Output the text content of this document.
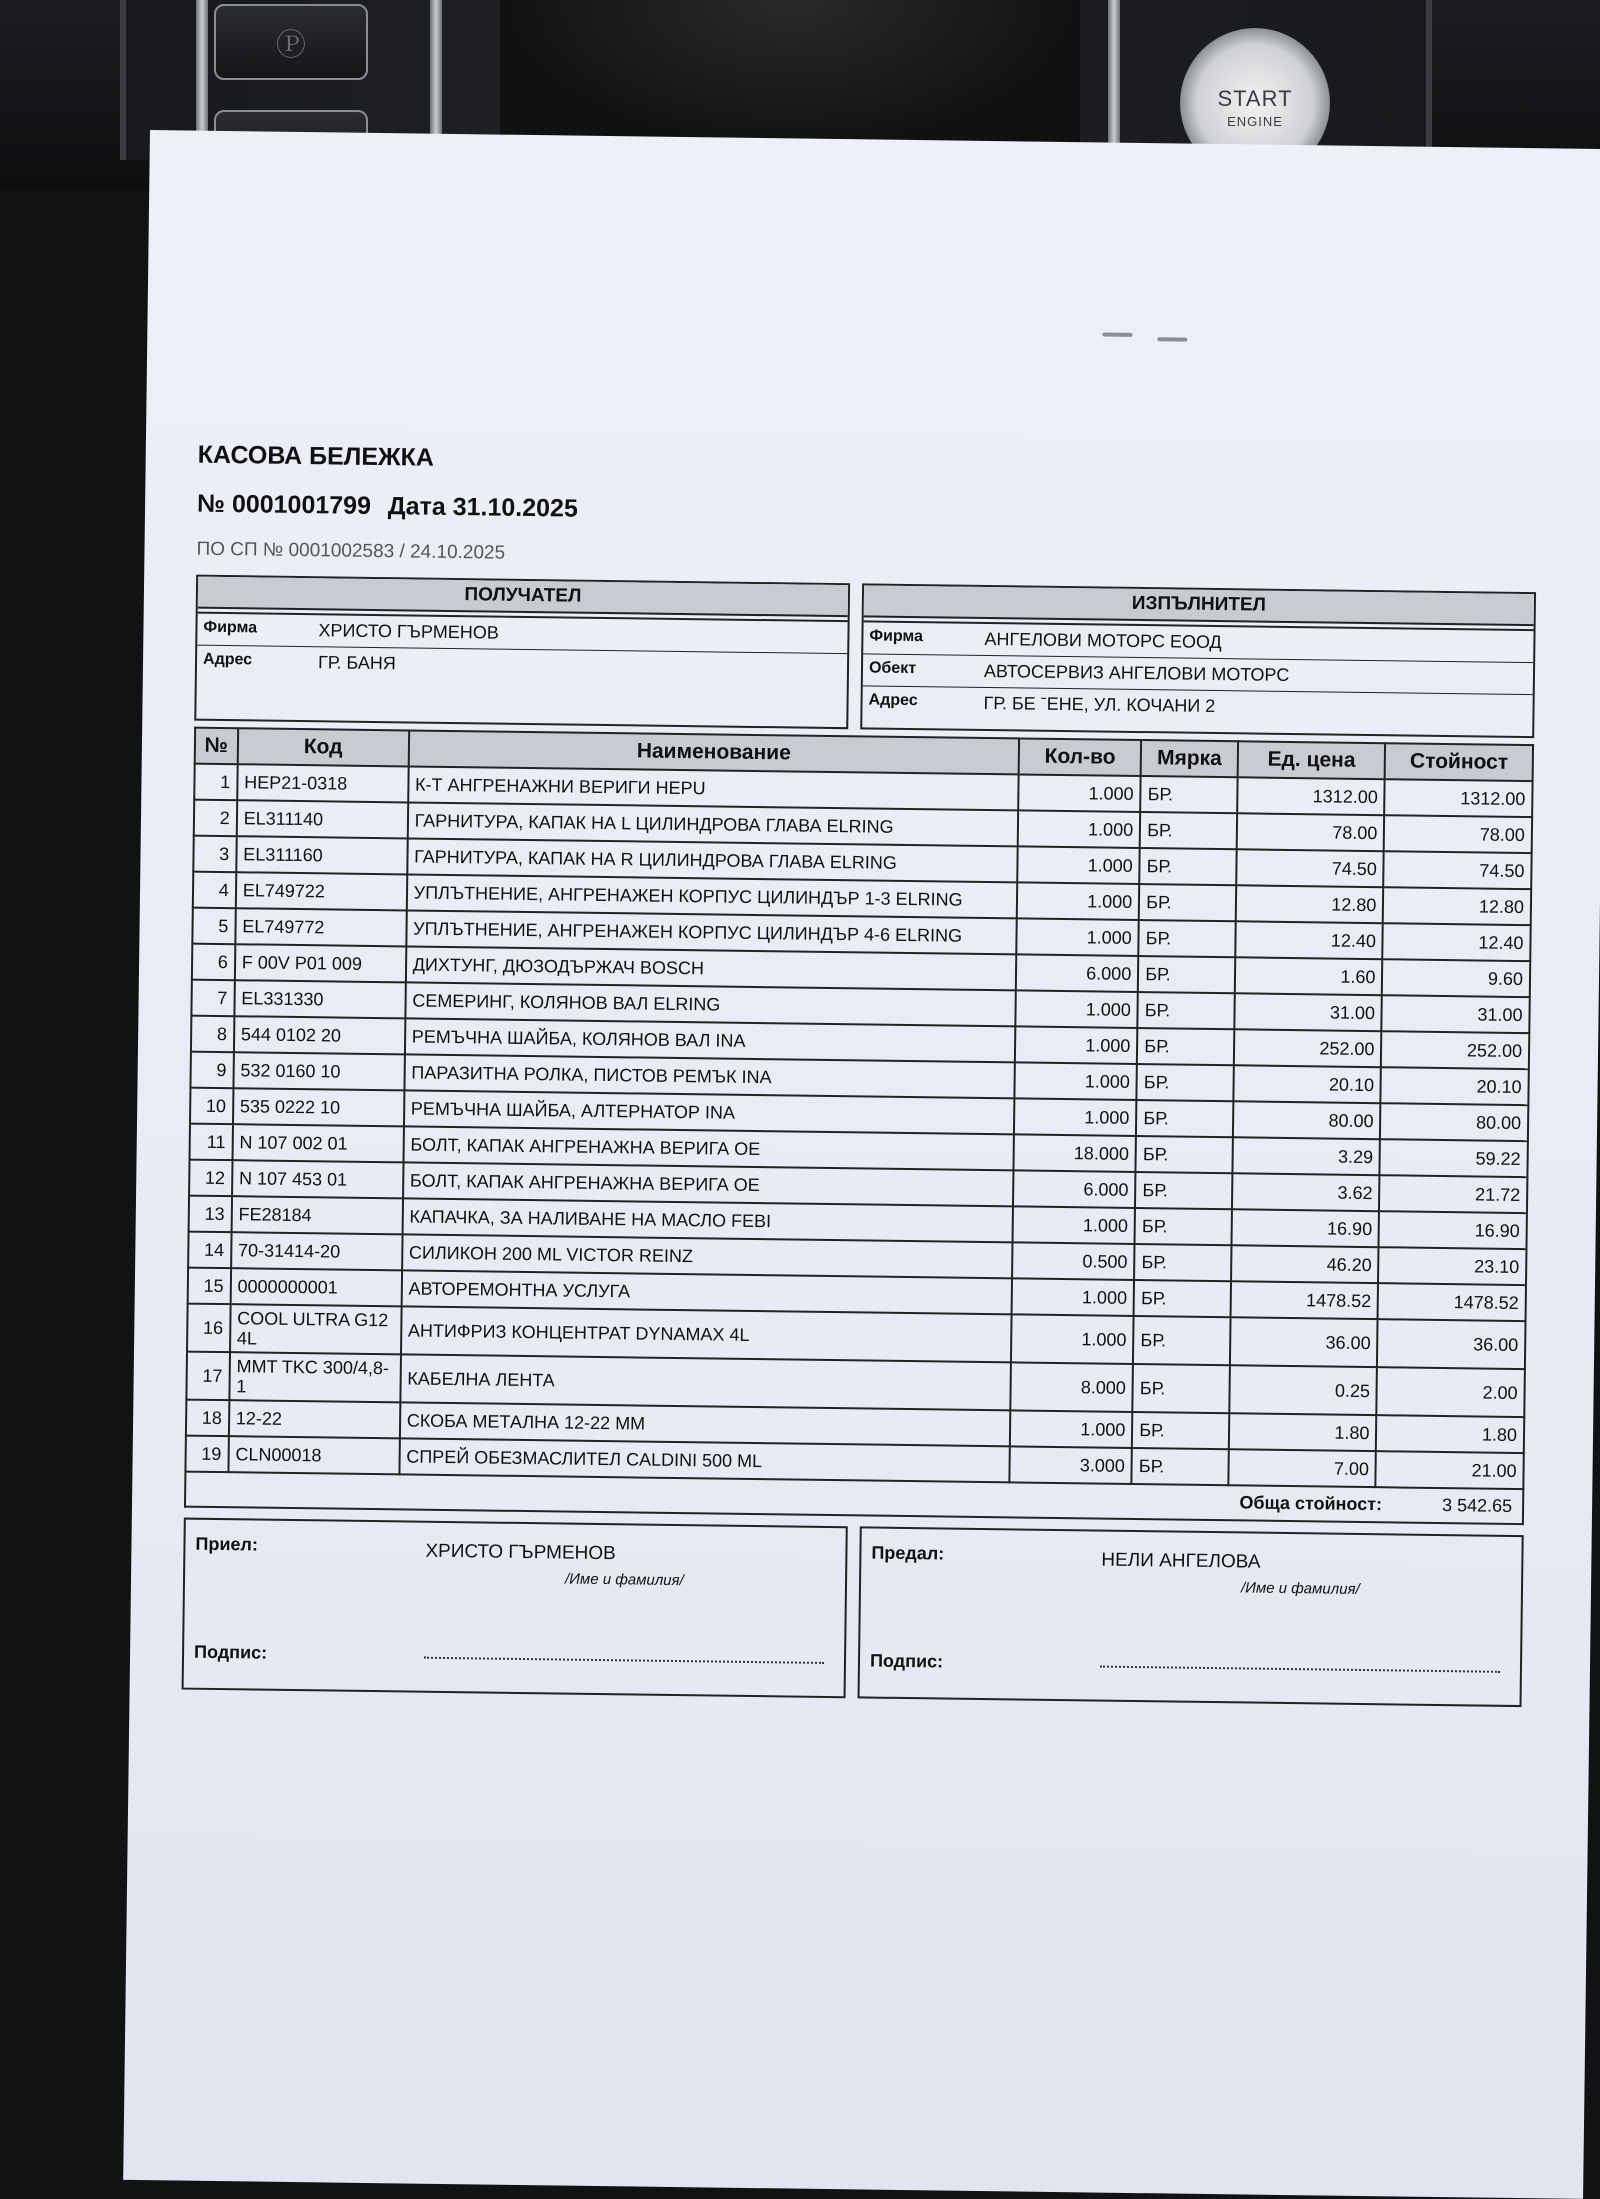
Ⓟ
START
ENGINE
КАСОВА БЕЛЕЖКА
№ 0001001799 Дата 31.10.2025
ПО СП № 0001002583 / 24.10.2025
ПОЛУЧАТЕЛ
Фирма	ХРИСТО ГЪРМЕНОВ
Адрес	ГР. БАНЯ
ИЗПЪЛНИТЕЛ
Фирма	АНГЕЛОВИ МОТОРС ЕООД
Обект	АВТОСЕРВИЗ АНГЕЛОВИ МОТОРС
Адрес	ГР. БЕ ˉЕНЕ, УЛ. КОЧАНИ 2
№	Код	Наименование	Кол-во	Мярка	Ед. цена	Стойност
1	HEP21-0318	К-Т АНГРЕНАЖНИ ВЕРИГИ HEPU	1.000	БР.	1312.00	1312.00
2	EL311140	ГАРНИТУРА, КАПАК НА L ЦИЛИНДРОВА ГЛАВА ELRING	1.000	БР.	78.00	78.00
3	EL311160	ГАРНИТУРА, КАПАК НА R ЦИЛИНДРОВА ГЛАВА ELRING	1.000	БР.	74.50	74.50
4	EL749722	УПЛЪТНЕНИЕ, АНГРЕНАЖЕН КОРПУС ЦИЛИНДЪР 1-3 ELRING	1.000	БР.	12.80	12.80
5	EL749772	УПЛЪТНЕНИЕ, АНГРЕНАЖЕН КОРПУС ЦИЛИНДЪР 4-6 ELRING	1.000	БР.	12.40	12.40
6	F 00V P01 009	ДИХТУНГ, ДЮЗОДЪРЖАЧ BOSCH	6.000	БР.	1.60	9.60
7	EL331330	СЕМЕРИНГ, КОЛЯНОВ ВАЛ ELRING	1.000	БР.	31.00	31.00
8	544 0102 20	РЕМЪЧНА ШАЙБА, КОЛЯНОВ ВАЛ INA	1.000	БР.	252.00	252.00
9	532 0160 10	ПАРАЗИТНА РОЛКА, ПИСТОВ РЕМЪК INA	1.000	БР.	20.10	20.10
10	535 0222 10	РЕМЪЧНА ШАЙБА, АЛТЕРНАТОР INA	1.000	БР.	80.00	80.00
11	N 107 002 01	БОЛТ, КАПАК АНГРЕНАЖНА ВЕРИГА ОЕ	18.000	БР.	3.29	59.22
12	N 107 453 01	БОЛТ, КАПАК АНГРЕНАЖНА ВЕРИГА ОЕ	6.000	БР.	3.62	21.72
13	FE28184	КАПАЧКА, ЗА НАЛИВАНЕ НА МАСЛО FEBI	1.000	БР.	16.90	16.90
14	70-31414-20	СИЛИКОН 200 ML VICTOR REINZ	0.500	БР.	46.20	23.10
15	0000000001	АВТОРЕМОНТНА УСЛУГА	1.000	БР.	1478.52	1478.52
16	COOL ULTRA G12 4L	АНТИФРИЗ КОНЦЕНТРАТ DYNAMAX 4L	1.000	БР.	36.00	36.00
17	MMT TKC 300/4,8-1	КАБЕЛНА ЛЕНТА	8.000	БР.	0.25	2.00
18	12-22	СКОБА МЕТАЛНА 12-22 ММ	1.000	БР.	1.80	1.80
19	CLN00018	СПРЕЙ ОБЕЗМАСЛИТЕЛ CALDINI 500 ML	3.000	БР.	7.00	21.00
Обща стойност:	3 542.65
Приел:	ХРИСТО ГЪРМЕНОВ
/Име и фамилия/
Подпис:
Предал:	НЕЛИ АНГЕЛОВА
/Име и фамилия/
Подпис:
